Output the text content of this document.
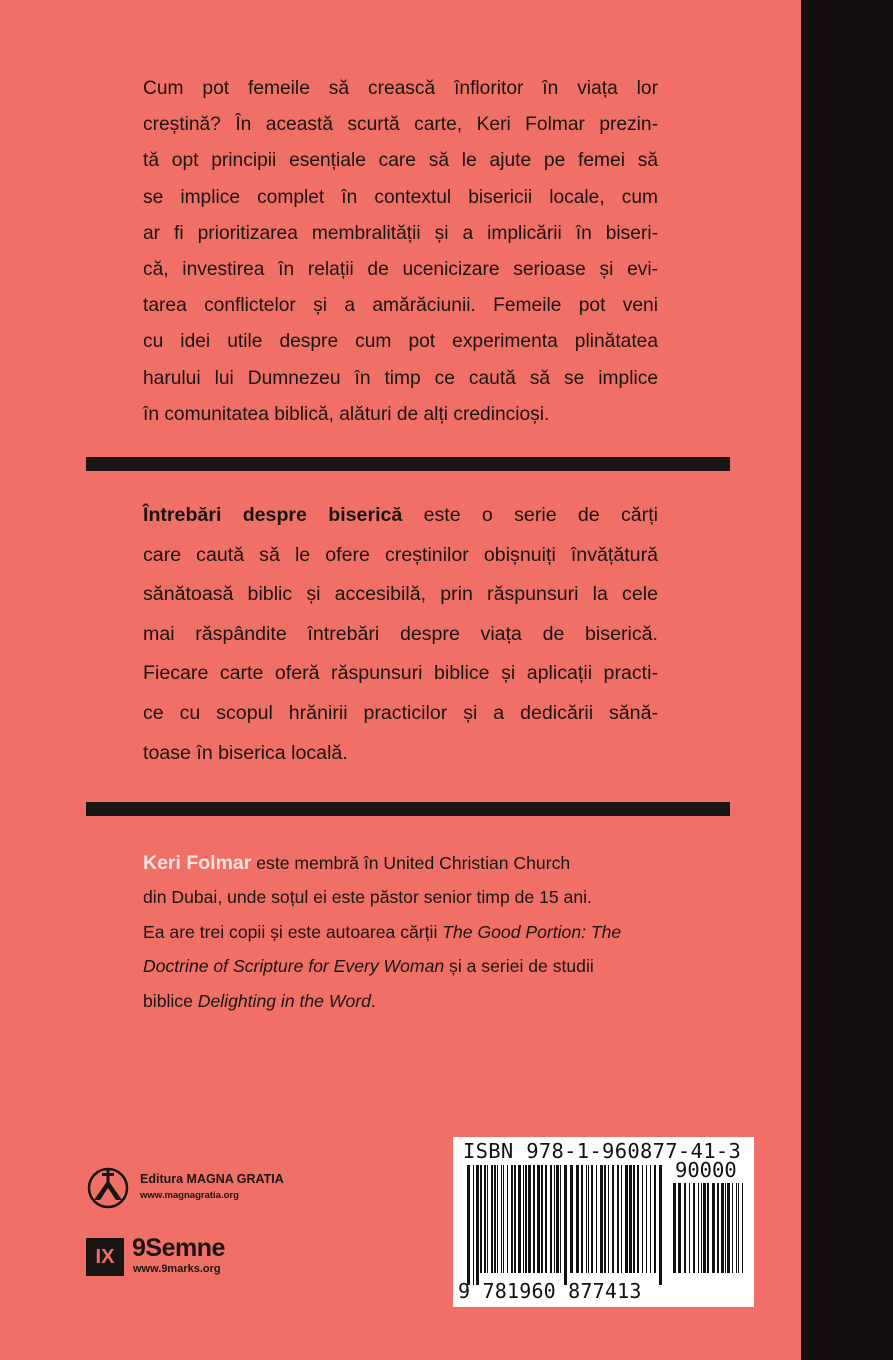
Cum pot femeile să crească înfloritor în viața lor
creștină? În această scurtă carte, Keri Folmar prezin-
tă opt principii esențiale care să le ajute pe femei să
se implice complet în contextul bisericii locale, cum
ar fi prioritizarea membralității și a implicării în biseri-
că, investirea în relații de ucenicizare serioase și evi-
tarea conflictelor și a amărăciunii. Femeile pot veni
cu idei utile despre cum pot experimenta plinătatea
harului lui Dumnezeu în timp ce caută să se implice
în comunitatea biblică, alături de alți credincioși.
Întrebări despre biserică este o serie de cărți
care caută să le ofere creștinilor obișnuiți învățătură
sănătoasă biblic și accesibilă, prin răspunsuri la cele
mai răspândite întrebări despre viața de biserică.
Fiecare carte oferă răspunsuri biblice și aplicații practi-
ce cu scopul hrănirii practicilor și a dedicării sănă-
toase în biserica locală.
Keri Folmar este membră în United Christian Church
din Dubai, unde soțul ei este păstor senior timp de 15 ani.
Ea are trei copii și este autoarea cărții The Good Portion: The
Doctrine of Scripture for Every Woman și a seriei de studii
biblice Delighting in the Word.
Editura MAGNA GRATIA
www.magnagratia.org
IX 9Semne
www.9marks.org
ISBN 978-1-960877-41-3
90000
9 781960 877413
